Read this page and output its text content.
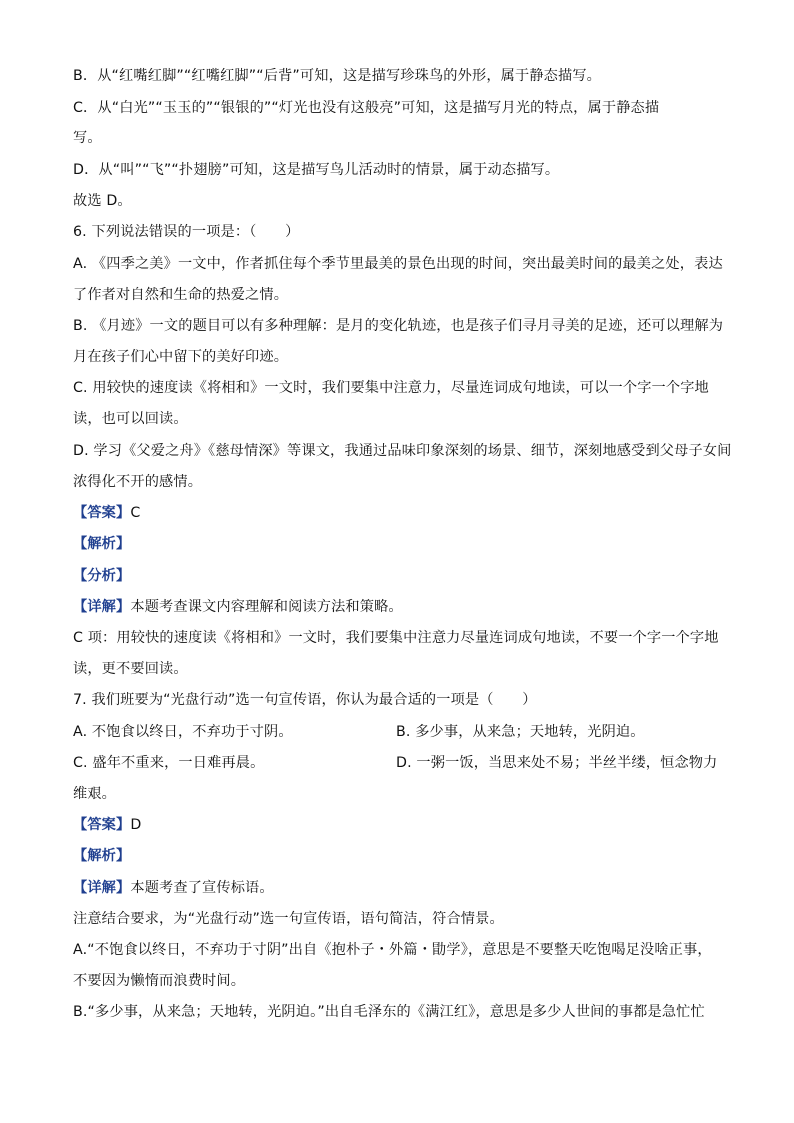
B．从“红嘴红脚”“红嘴红脚”“后背”可知，这是描写珍珠鸟的外形，属于静态描写。
C．从“白光”“玉玉的”“银银的”“灯光也没有这般亮”可知，这是描写月光的特点，属于静态描
写。
D．从“叫”“飞”“扑翅膀”可知，这是描写鸟儿活动时的情景，属于动态描写。
故选 D。
6. 下列说法错误的一项是：（　　）
A. 《四季之美》一文中，作者抓住每个季节里最美的景色出现的时间，突出最美时间的最美之处，表达
了作者对自然和生命的热爱之情。
B. 《月迹》一文的题目可以有多种理解：是月的变化轨迹，也是孩子们寻月寻美的足迹，还可以理解为
月在孩子们心中留下的美好印迹。
C. 用较快的速度读《将相和》一文时，我们要集中注意力，尽量连词成句地读，可以一个字一个字地
读，也可以回读。
D. 学习《父爱之舟》《慈母情深》等课文，我通过品味印象深刻的场景、细节，深刻地感受到父母子女间
浓得化不开的感情。
【答案】C
【解析】
【分析】
【详解】本题考查课文内容理解和阅读方法和策略。
C 项：用较快的速度读《将相和》一文时，我们要集中注意力尽量连词成句地读，不要一个字一个字地
读，更不要回读。
7. 我们班要为“光盘行动”选一句宣传语，你认为最合适的一项是（　　）
A. 不饱食以终日，不弃功于寸阴。	B. 多少事，从来急；天地转，光阴迫。
C. 盛年不重来，一日难再晨。	D. 一粥一饭，当思来处不易；半丝半缕，恒念物力
维艰。
【答案】D
【解析】
【详解】本题考查了宣传标语。
注意结合要求，为“光盘行动”选一句宣传语，语句简洁，符合情景。
A.“不饱食以终日，不弃功于寸阴”出自《抱朴子・外篇・勖学》，意思是不要整天吃饱喝足没啥正事，
不要因为懒惰而浪费时间。
B.“多少事，从来急；天地转，光阴迫。”出自毛泽东的《满江红》，意思是多少人世间的事都是急忙忙
